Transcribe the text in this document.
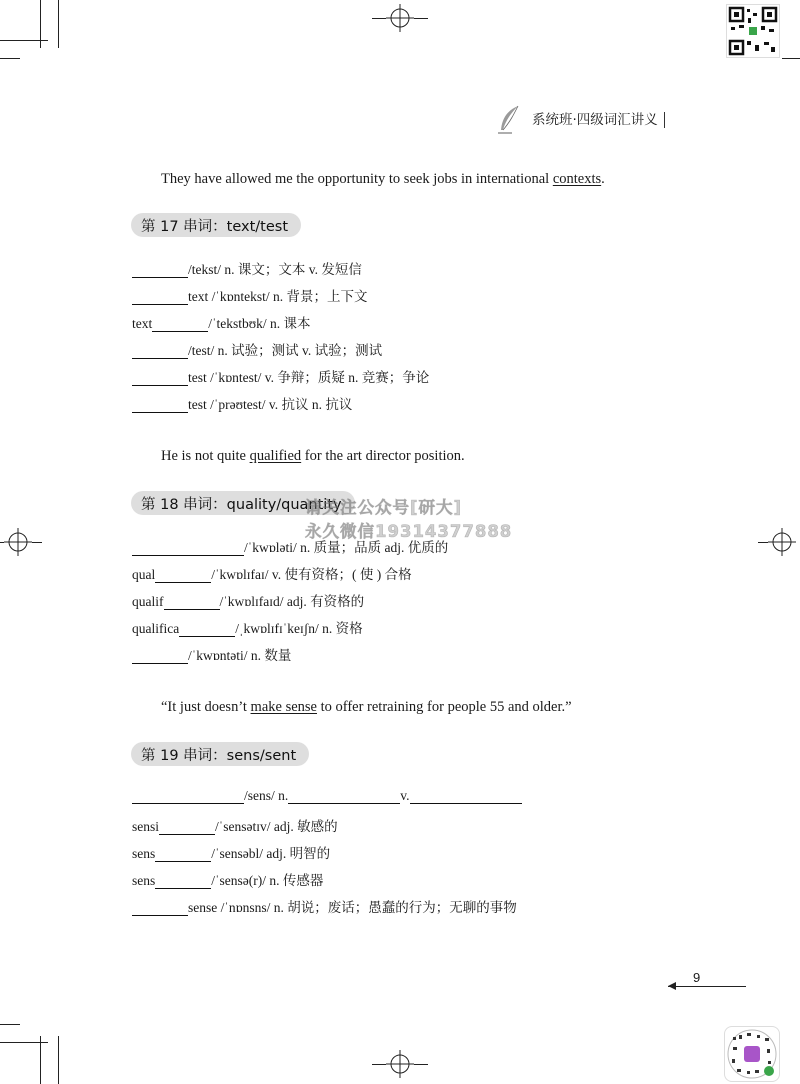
系统班·四级词汇讲义
They have allowed me the opportunity to seek jobs in international contexts.
第 17 串词：text/test
/tekst/ n. 课文；文本 v. 发短信
text /ˈkɒntekst/ n. 背景；上下文
text	/ˈtekstbʊk/ n. 课本
/test/ n. 试验；测试 v. 试验；测试
test /ˈkɒntest/ v. 争辩；质疑 n. 竞赛；争论
test /ˈprəʊtest/ v. 抗议 n. 抗议
He is not quite qualified for the art director position.
第 18 串词：quality/quantity
/ˈkwɒləti/ n. 质量；品质 adj. 优质的
qual	/ˈkwɒlɪfaɪ/ v. 使有资格；( 使 ) 合格
qualif	/ˈkwɒlɪfaɪd/ adj. 有资格的
qualifica	/ˌkwɒlɪfɪˈkeɪʃn/ n. 资格
/ˈkwɒntəti/ n. 数量
“It just doesn’t make sense to offer retraining for people 55 and older.”
第 19 串词：sens/sent
/sens/ n.	v.
sensi	/ˈsensətɪv/ adj. 敏感的
sens	/ˈsensəbl/ adj. 明智的
sens	/ˈsensə(r)/ n. 传感器
sense /ˈnɒnsns/ n. 胡说；废话；愚蠢的行为；无聊的事物
请关注公众号[研大]
永久微信19314377888
9
